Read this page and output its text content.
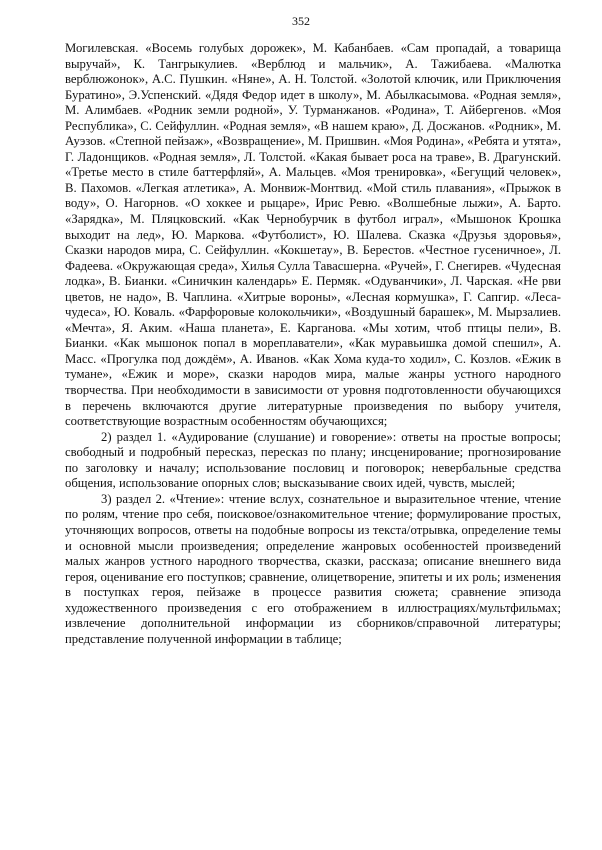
352

Могилевская. «Восемь голубых дорожек», М. Кабанбаев. «Сам пропадай, а товарища выручай», К. Тангрыкулиев. «Верблюд и мальчик», А. Тажибаева. «Малютка верблюжонок», А.С. Пушкин. «Няне», А. Н. Толстой. «Золотой ключик, или Приключения Буратино», Э.Успенский. «Дядя Федор идет в школу», М. Абылкасымова. «Родная земля», М. Алимбаев. «Родник земли родной», У. Турманжанов. «Родина», Т. Айбергенов. «Моя Республика», С. Сейфуллин. «Родная земля», «В нашем краю», Д. Досжанов. «Родник», М. Ауэзов. «Степной пейзаж», «Возвращение», М. Пришвин. «Моя Родина», «Ребята и утята», Г. Ладонщиков. «Родная земля», Л. Толстой. «Какая бывает роса на траве», В. Драгунский. «Третье место в стиле баттерфляй», А. Мальцев. «Моя тренировка», «Бегущий человек», В. Пахомов. «Легкая атлетика», А. Монвиж-Монтвид. «Мой стиль плавания», «Прыжок в воду», О. Нагорнов. «О хоккее и рыцаре», Ирис Ревю. «Волшебные лыжи», А. Барто. «Зарядка», М. Пляцковский. «Как Чернобурчик в футбол играл», «Мышонок Крошка выходит на лед», Ю. Маркова. «Футболист», Ю. Шалева. Сказка «Друзья здоровья», Сказки народов мира, С. Сейфуллин. «Кокшетау», В. Берестов. «Честное гусеничное», Л. Фадеева. «Окружающая среда», Хилья Сулла Тавасшерна. «Ручей», Г. Снегирев. «Чудесная лодка», В. Бианки. «Синичкин календарь» Е. Пермяк. «Одуванчики», Л. Чарская. «Не рви цветов, не надо», В. Чаплина. «Хитрые вороны», «Лесная кормушка», Г. Сапгир. «Леса-чудеса», Ю. Коваль. «Фарфоровые колокольчики», «Воздушный барашек», М. Мырзалиев. «Мечта», Я. Аким. «Наша планета», Е. Карганова. «Мы хотим, чтоб птицы пели», В. Бианки. «Как мышонок попал в мореплаватели», «Как муравьишка домой спешил», А. Масс. «Прогулка под дождём», А. Иванов. «Как Хома куда-то ходил», С. Козлов. «Ежик в тумане», «Ежик и море», сказки народов мира, малые жанры устного народного творчества. При необходимости в зависимости от уровня подготовленности обучающихся в перечень включаются другие литературные произведения по выбору учителя, соответствующие возрастным особенностям обучающихся;

2) раздел 1. «Аудирование (слушание) и говорение»: ответы на простые вопросы; свободный и подробный пересказ, пересказ по плану; инсценирование; прогнозирование по заголовку и началу; использование пословиц и поговорок; невербальные средства общения, использование опорных слов; высказывание своих идей, чувств, мыслей;

3) раздел 2. «Чтение»: чтение вслух, сознательное и выразительное чтение, чтение по ролям, чтение про себя, поисковое/ознакомительное чтение; формулирование простых, уточняющих вопросов, ответы на подобные вопросы из текста/отрывка, определение темы и основной мысли произведения; определение жанровых особенностей произведений малых жанров устного народного творчества, сказки, рассказа; описание внешнего вида героя, оценивание его поступков; сравнение, олицетворение, эпитеты и их роль; изменения в поступках героя, пейзаже в процессе развития сюжета; сравнение эпизода художественного произведения с его отображением в иллюстрациях/мультфильмах; извлечение дополнительной информации из сборников/справочной литературы; представление полученной информации в таблице;
